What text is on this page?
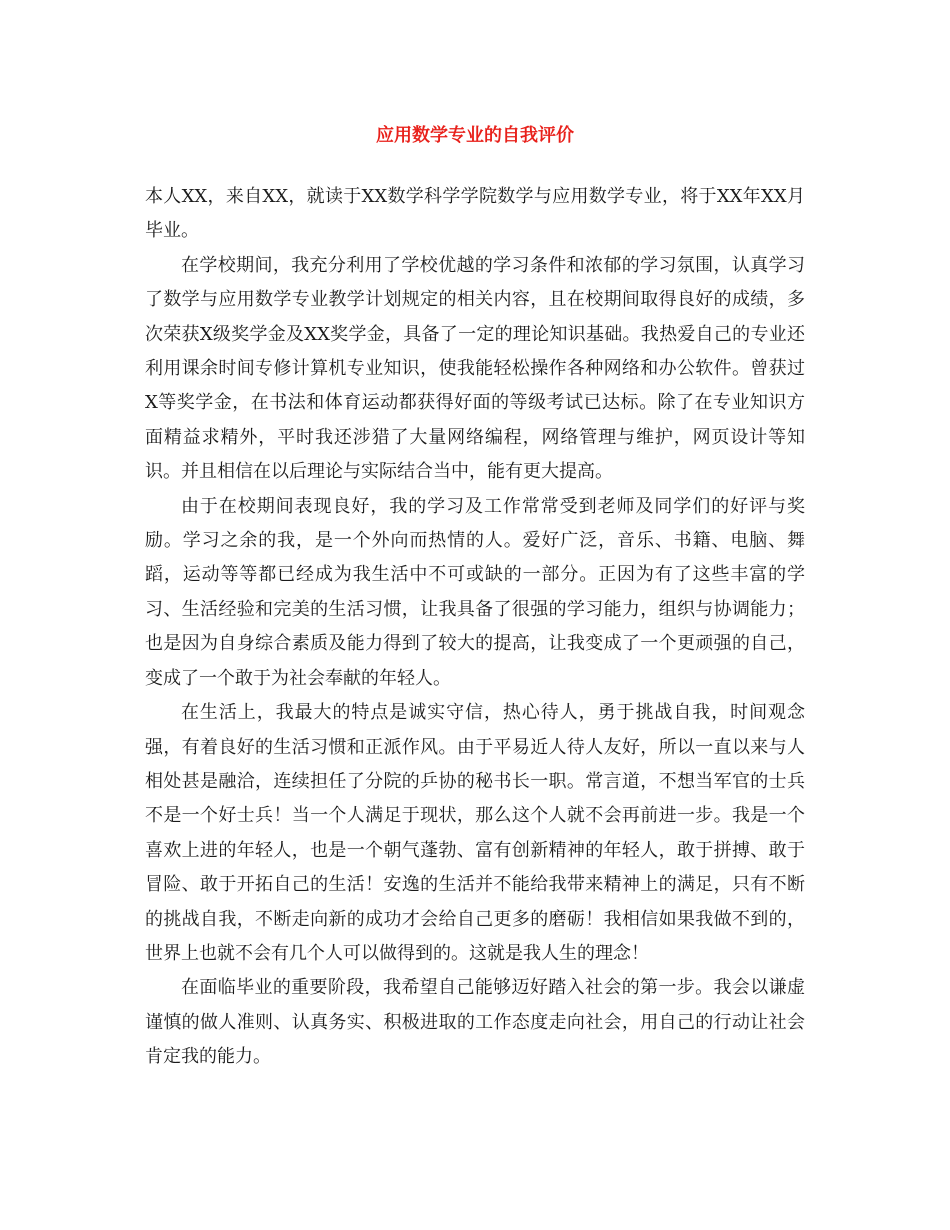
应用数学专业的自我评价

本人XX，来自XX，就读于XX数学科学学院数学与应用数学专业，将于XX年XX月毕业。

在学校期间，我充分利用了学校优越的学习条件和浓郁的学习氛围，认真学习了数学与应用数学专业教学计划规定的相关内容，且在校期间取得良好的成绩，多次荣获X级奖学金及XX奖学金，具备了一定的理论知识基础。我热爱自己的专业还利用课余时间专修计算机专业知识，使我能轻松操作各种网络和办公软件。曾获过X等奖学金，在书法和体育运动都获得好面的等级考试已达标。除了在专业知识方面精益求精外，平时我还涉猎了大量网络编程，网络管理与维护，网页设计等知识。并且相信在以后理论与实际结合当中，能有更大提高。

由于在校期间表现良好，我的学习及工作常常受到老师及同学们的好评与奖励。学习之余的我，是一个外向而热情的人。爱好广泛，音乐、书籍、电脑、舞蹈，运动等等都已经成为我生活中不可或缺的一部分。正因为有了这些丰富的学习、生活经验和完美的生活习惯，让我具备了很强的学习能力，组织与协调能力；也是因为自身综合素质及能力得到了较大的提高，让我变成了一个更顽强的自己，变成了一个敢于为社会奉献的年轻人。

在生活上，我最大的特点是诚实守信，热心待人，勇于挑战自我，时间观念强，有着良好的生活习惯和正派作风。由于平易近人待人友好，所以一直以来与人相处甚是融洽，连续担任了分院的乒协的秘书长一职。常言道，不想当军官的士兵不是一个好士兵！当一个人满足于现状，那么这个人就不会再前进一步。我是一个喜欢上进的年轻人，也是一个朝气蓬勃、富有创新精神的年轻人，敢于拼搏、敢于冒险、敢于开拓自己的生活！安逸的生活并不能给我带来精神上的满足，只有不断的挑战自我，不断走向新的成功才会给自己更多的磨砺！我相信如果我做不到的，世界上也就不会有几个人可以做得到的。这就是我人生的理念！

在面临毕业的重要阶段，我希望自己能够迈好踏入社会的第一步。我会以谦虚谨慎的做人准则、认真务实、积极进取的工作态度走向社会，用自己的行动让社会肯定我的能力。
